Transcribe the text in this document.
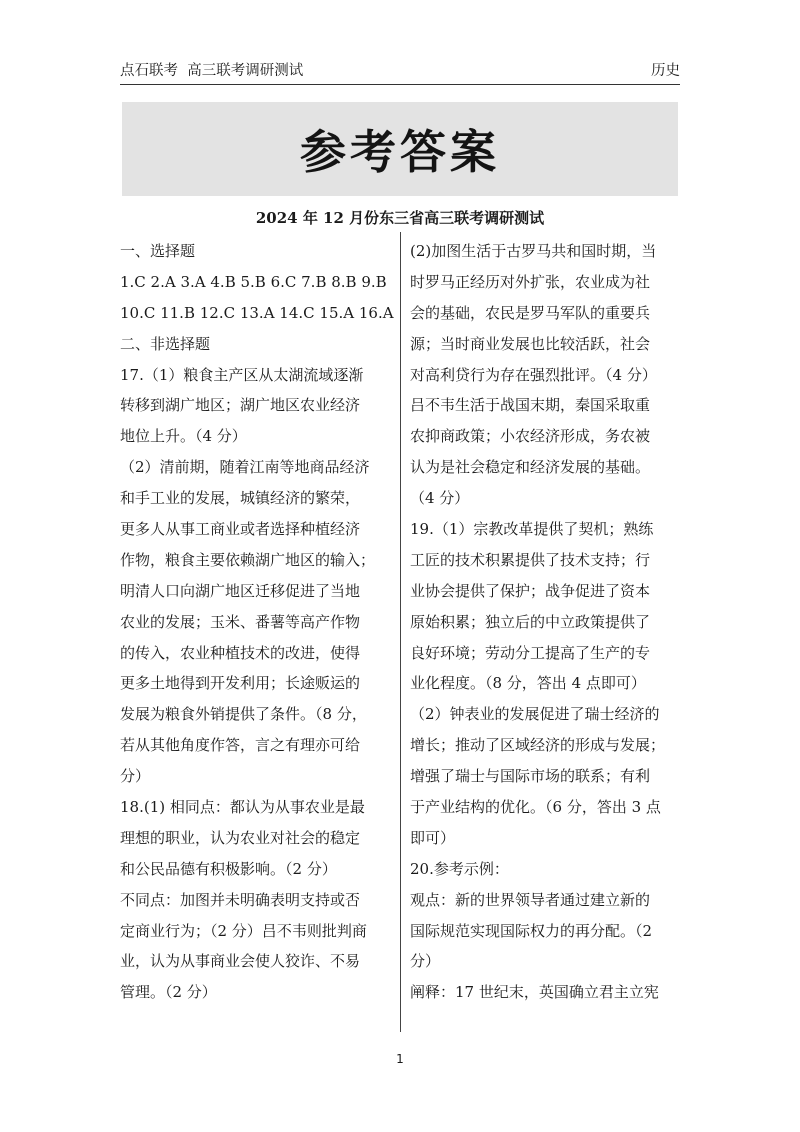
点石联考  高三联考调研测试	历史
参考答案
2024 年 12 月份东三省高三联考调研测试
一、选择题
1.C 2.A 3.A 4.B 5.B 6.C 7.B 8.B 9.B
10.C 11.B 12.C 13.A 14.C 15.A 16.A
二、非选择题
17.（1）粮食主产区从太湖流域逐渐
转移到湖广地区；湖广地区农业经济
地位上升。（4 分）
（2）清前期，随着江南等地商品经济
和手工业的发展，城镇经济的繁荣，
更多人从事工商业或者选择种植经济
作物，粮食主要依赖湖广地区的输入；
明清人口向湖广地区迁移促进了当地
农业的发展；玉米、番薯等高产作物
的传入，农业种植技术的改进，使得
更多土地得到开发利用；长途贩运的
发展为粮食外销提供了条件。（8 分，
若从其他角度作答，言之有理亦可给
分）
18.(1) 相同点：都认为从事农业是最
理想的职业，认为农业对社会的稳定
和公民品德有积极影响。（2 分）
不同点：加图并未明确表明支持或否
定商业行为；（2 分）吕不韦则批判商
业，认为从事商业会使人狡诈、不易
管理。（2 分）
(2)加图生活于古罗马共和国时期，当
时罗马正经历对外扩张，农业成为社
会的基础，农民是罗马军队的重要兵
源；当时商业发展也比较活跃，社会
对高利贷行为存在强烈批评。（4 分）
吕不韦生活于战国末期，秦国采取重
农抑商政策；小农经济形成，务农被
认为是社会稳定和经济发展的基础。
（4 分）
19.（1）宗教改革提供了契机；熟练
工匠的技术积累提供了技术支持；行
业协会提供了保护；战争促进了资本
原始积累；独立后的中立政策提供了
良好环境；劳动分工提高了生产的专
业化程度。（8 分，答出 4 点即可）
（2）钟表业的发展促进了瑞士经济的
增长；推动了区域经济的形成与发展；
增强了瑞士与国际市场的联系；有利
于产业结构的优化。（6 分，答出 3 点
即可）
20.参考示例：
观点：新的世界领导者通过建立新的
国际规范实现国际权力的再分配。（2
分）
阐释：17 世纪末，英国确立君主立宪
1
